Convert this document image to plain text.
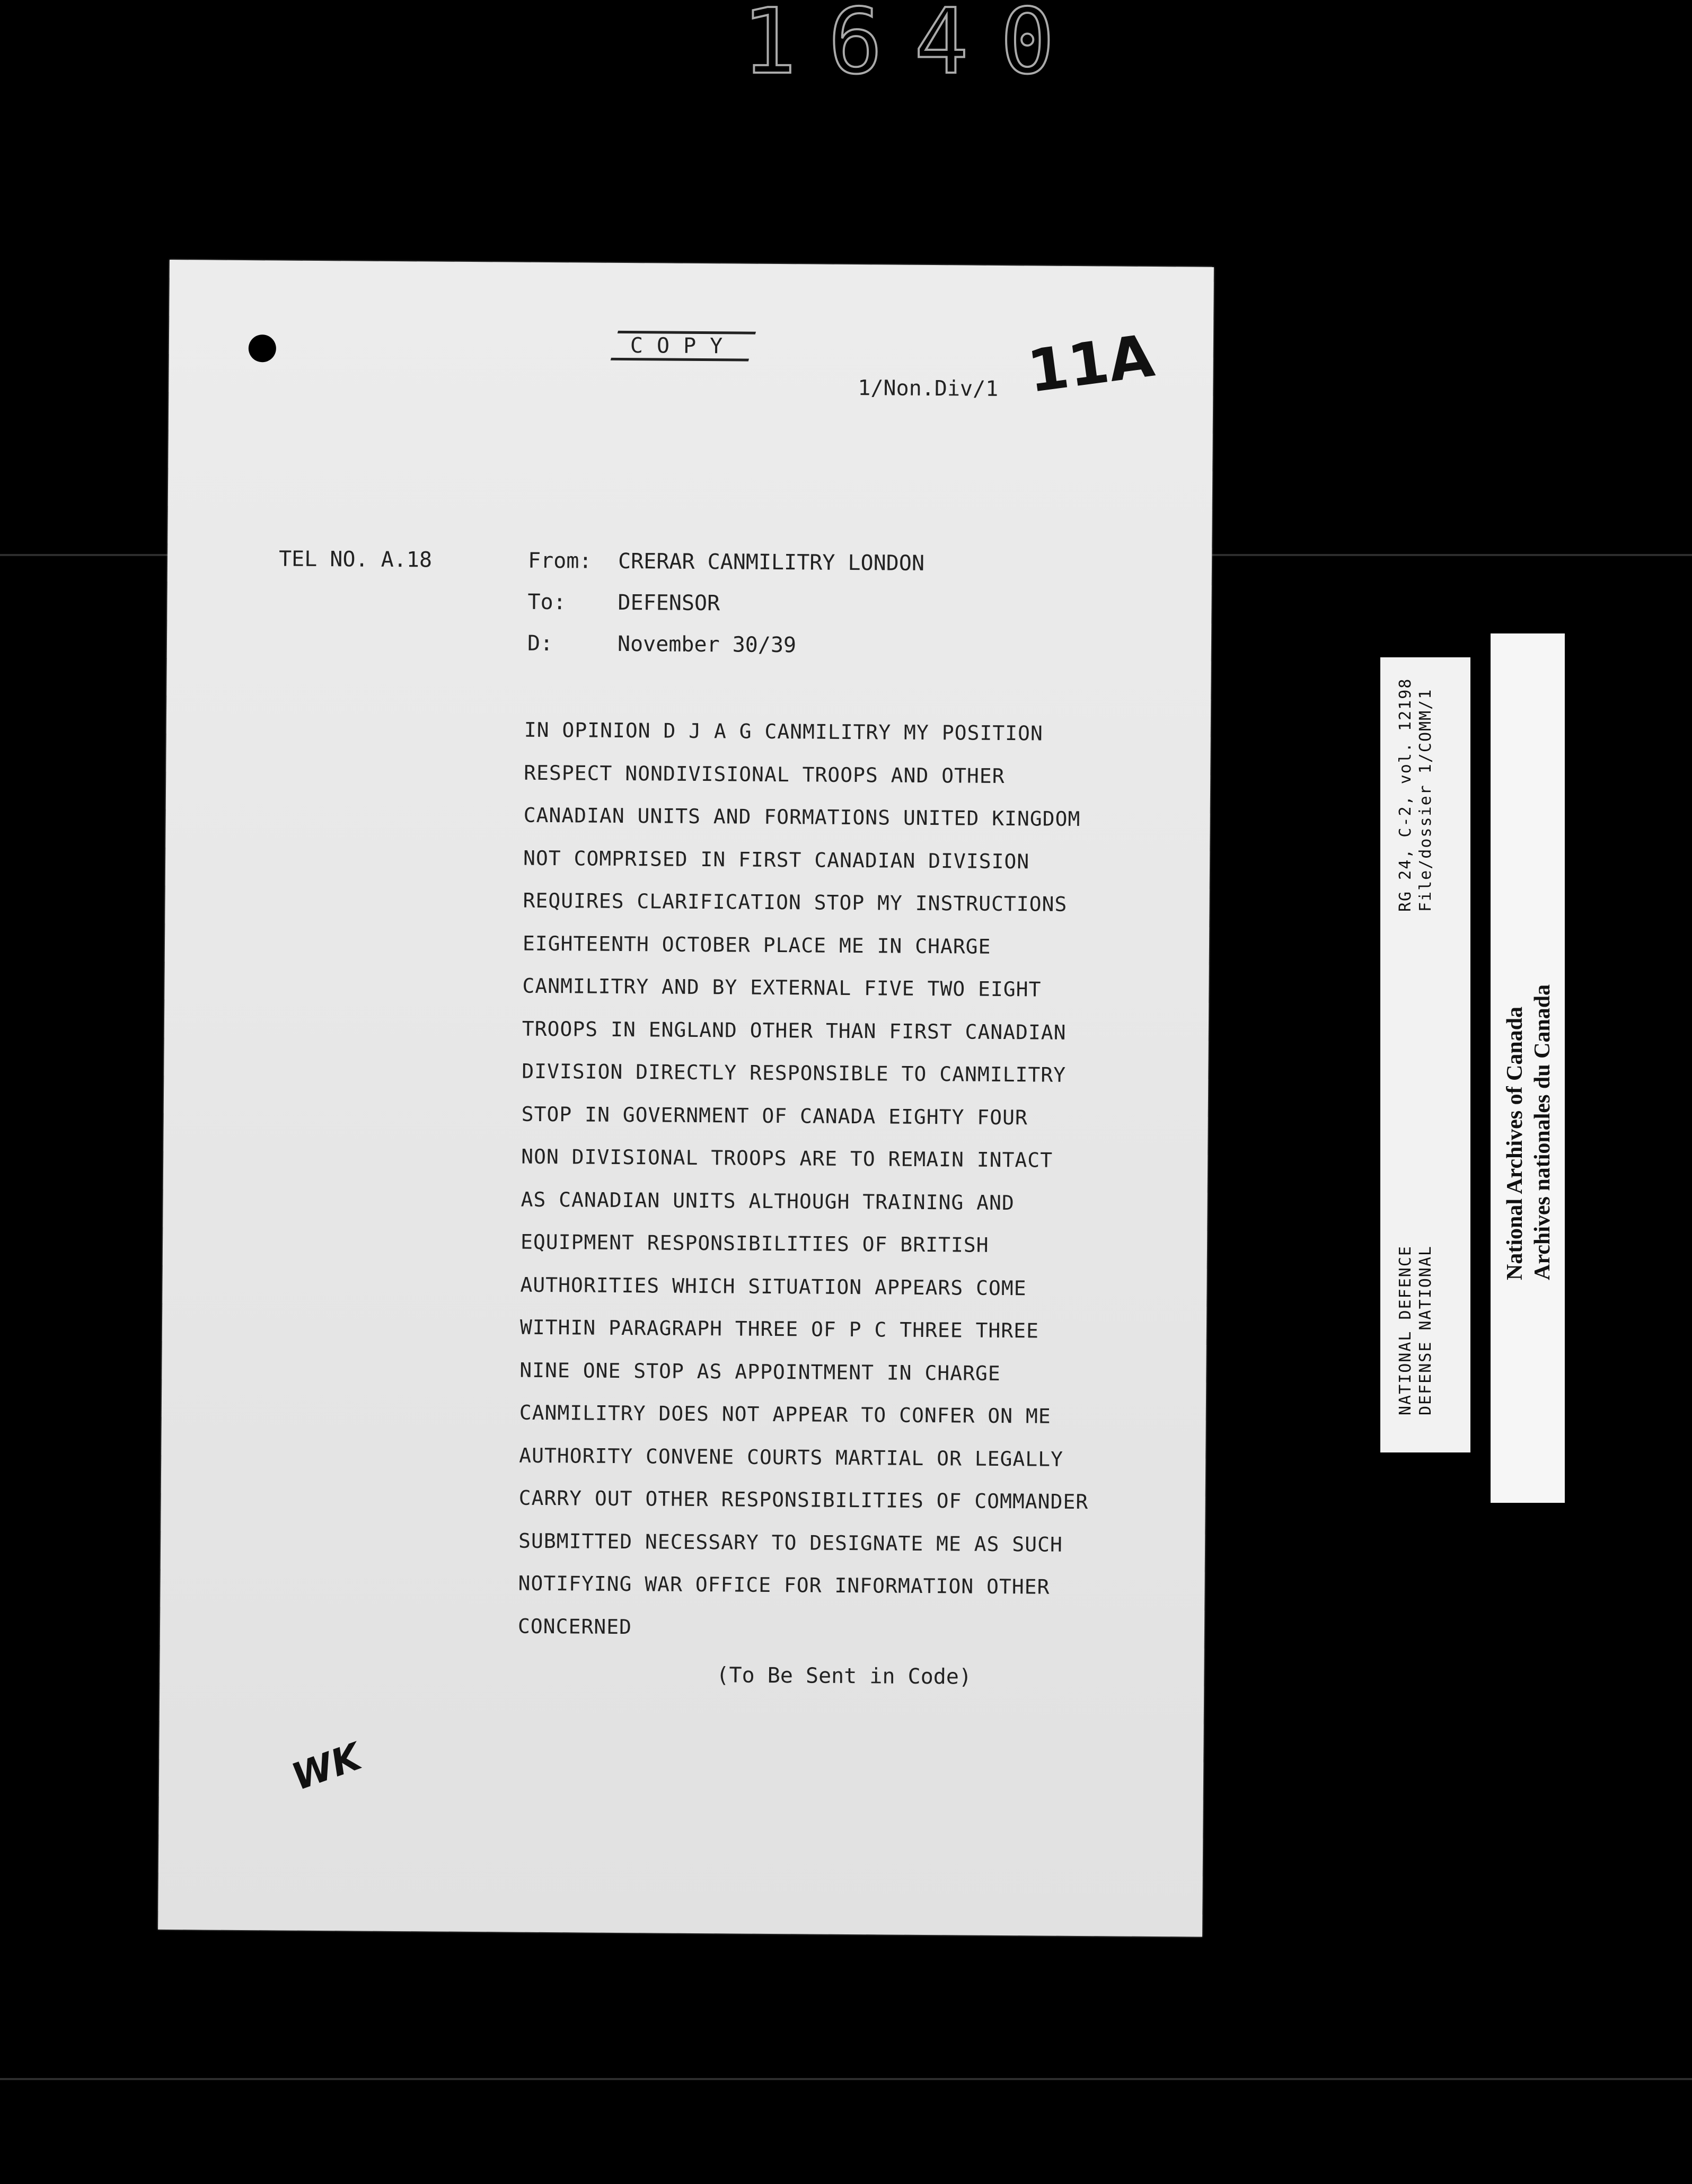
1640
COPY
1/Non.Div/1 11A
TEL NO. A.18	From:	CRERAR CANMILITRY LONDON
To:	DEFENSOR
D:	November 30/39
IN OPINION D J A G CANMILITRY MY POSITION
RESPECT NONDIVISIONAL TROOPS AND OTHER
CANADIAN UNITS AND FORMATIONS UNITED KINGDOM
NOT COMPRISED IN FIRST CANADIAN DIVISION
REQUIRES CLARIFICATION STOP MY INSTRUCTIONS
EIGHTEENTH OCTOBER PLACE ME IN CHARGE
CANMILITRY AND BY EXTERNAL FIVE TWO EIGHT
TROOPS IN ENGLAND OTHER THAN FIRST CANADIAN
DIVISION DIRECTLY RESPONSIBLE TO CANMILITRY
STOP IN GOVERNMENT OF CANADA EIGHTY FOUR
NON DIVISIONAL TROOPS ARE TO REMAIN INTACT
AS CANADIAN UNITS ALTHOUGH TRAINING AND
EQUIPMENT RESPONSIBILITIES OF BRITISH
AUTHORITIES WHICH SITUATION APPEARS COME
WITHIN PARAGRAPH THREE OF P C THREE THREE
NINE ONE STOP AS APPOINTMENT IN CHARGE
CANMILITRY DOES NOT APPEAR TO CONFER ON ME
AUTHORITY CONVENE COURTS MARTIAL OR LEGALLY
CARRY OUT OTHER RESPONSIBILITIES OF COMMANDER
SUBMITTED NECESSARY TO DESIGNATE ME AS SUCH
NOTIFYING WAR OFFICE FOR INFORMATION OTHER
CONCERNED
(To Be Sent in Code)
WK
NATIONAL DEFENCE DEFENSE NATIONAL
RG 24, C-2, vol. 12198 File/dossier 1/COMM/1
National Archives of Canada Archives nationales du Canada
